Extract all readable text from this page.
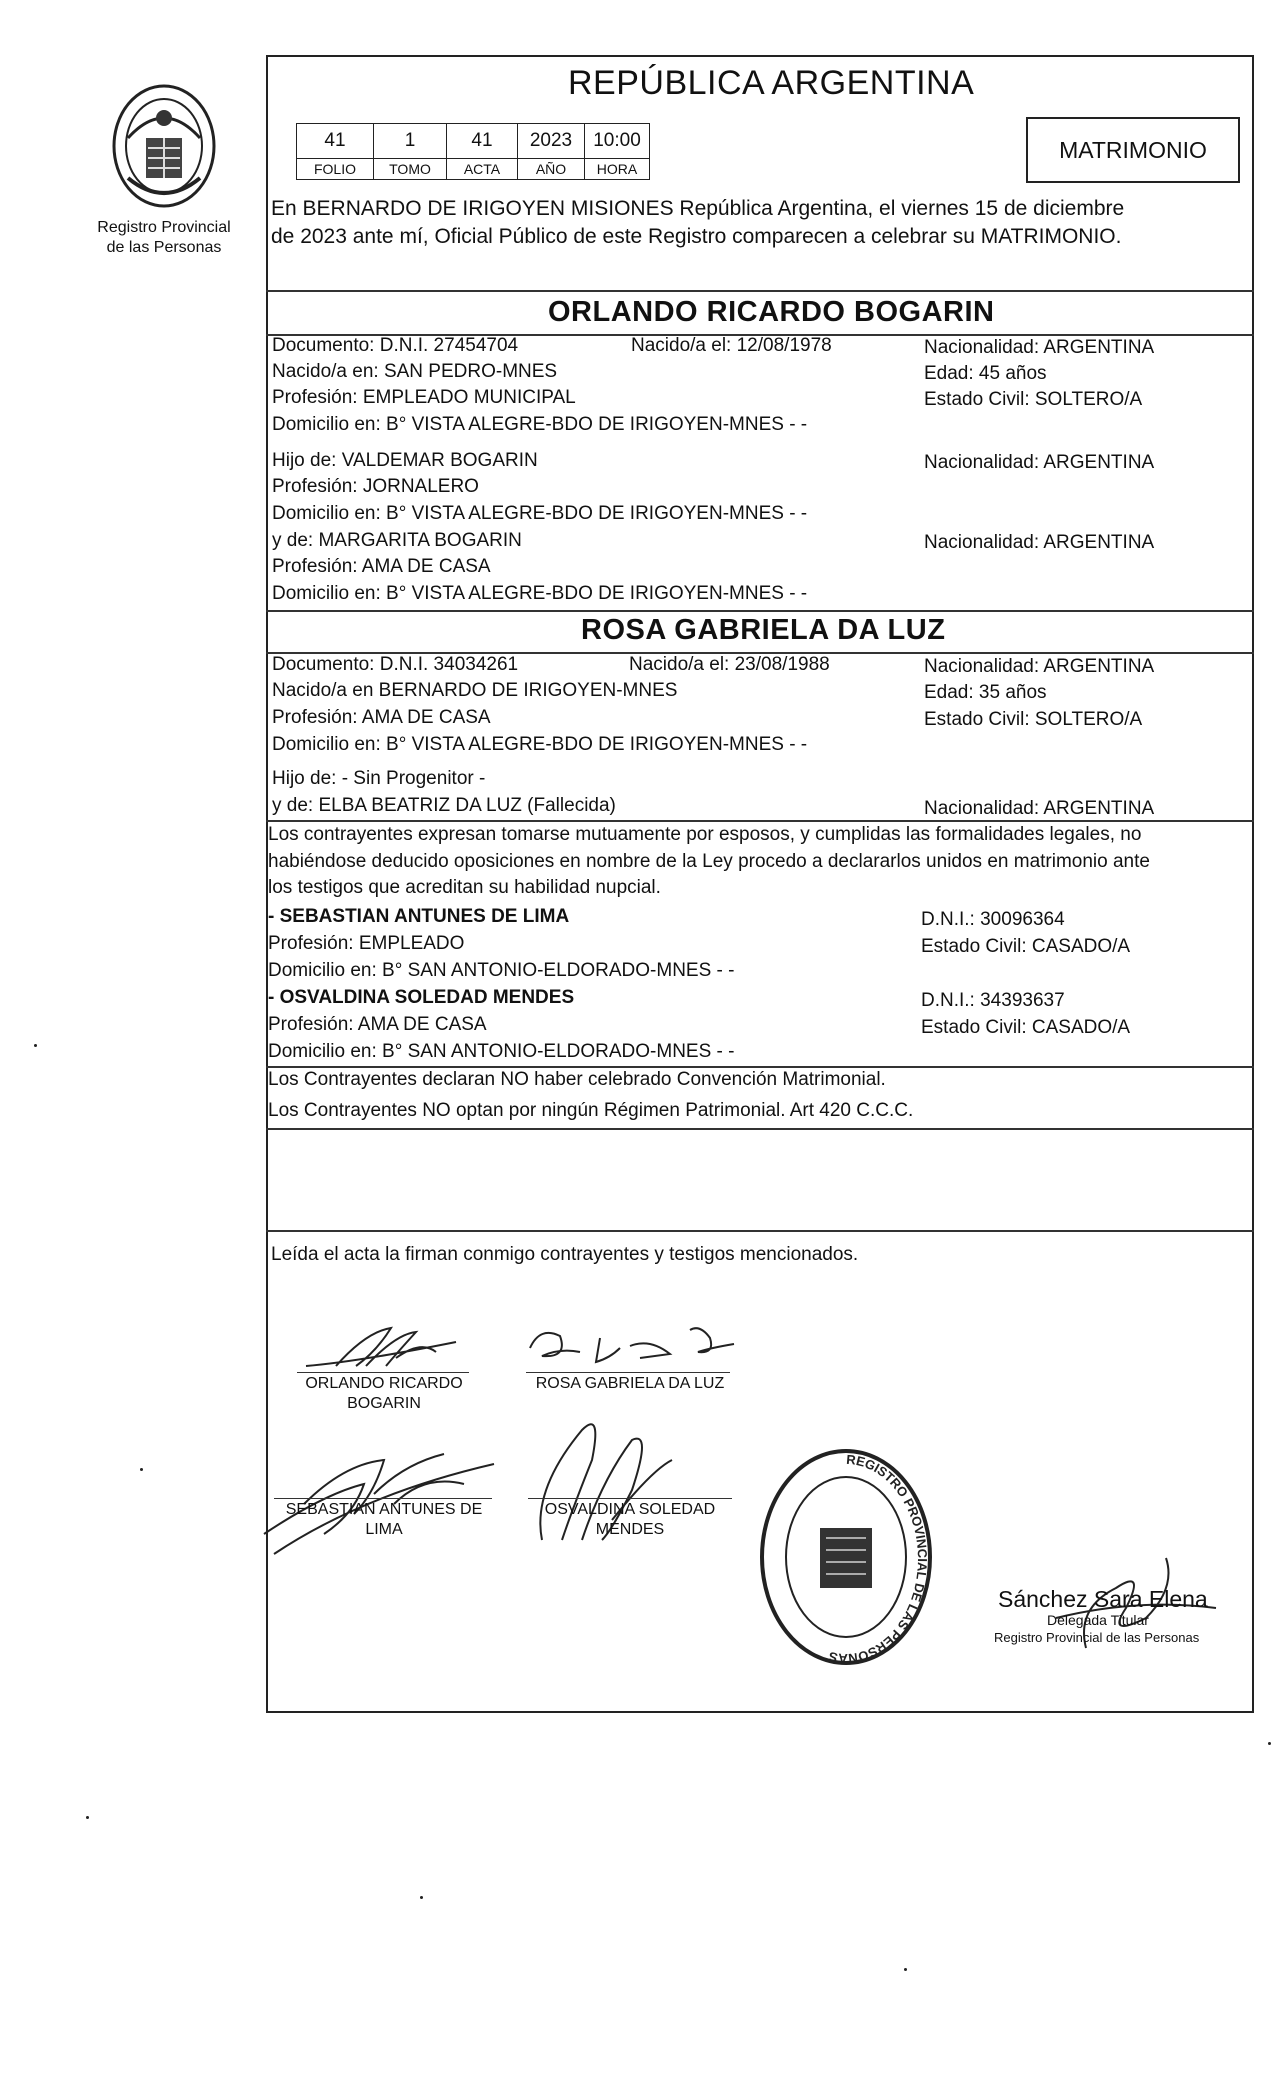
Registro Provincial
de las Personas
REPÚBLICA ARGENTINA
41	1	41	2023	10:00
FOLIO	TOMO	ACTA	AÑO	HORA
MATRIMONIO
En BERNARDO DE IRIGOYEN MISIONES República Argentina, el viernes 15 de diciembre
de 2023 ante mí, Oficial Público de este Registro comparecen a celebrar su MATRIMONIO.
ORLANDO RICARDO BOGARIN
Documento: D.N.I. 27454704	Nacido/a el: 12/08/1978	Nacionalidad: ARGENTINA
Nacido/a en: SAN PEDRO-MNES	Edad: 45 años
Profesión: EMPLEADO MUNICIPAL	Estado Civil: SOLTERO/A
Domicilio en: B° VISTA ALEGRE-BDO DE IRIGOYEN-MNES - -
Hijo de: VALDEMAR BOGARIN	Nacionalidad: ARGENTINA
Profesión: JORNALERO
Domicilio en: B° VISTA ALEGRE-BDO DE IRIGOYEN-MNES - -
y de: MARGARITA BOGARIN	Nacionalidad: ARGENTINA
Profesión: AMA DE CASA
Domicilio en: B° VISTA ALEGRE-BDO DE IRIGOYEN-MNES - -
ROSA GABRIELA DA LUZ
Documento: D.N.I. 34034261	Nacido/a el: 23/08/1988	Nacionalidad: ARGENTINA
Nacido/a en BERNARDO DE IRIGOYEN-MNES	Edad: 35 años
Profesión: AMA DE CASA	Estado Civil: SOLTERO/A
Domicilio en: B° VISTA ALEGRE-BDO DE IRIGOYEN-MNES - -
Hijo de: - Sin Progenitor -
y de: ELBA BEATRIZ DA LUZ (Fallecida)	Nacionalidad: ARGENTINA
Los contrayentes expresan tomarse mutuamente por esposos, y cumplidas las formalidades legales, no
habiéndose deducido oposiciones en nombre de la Ley procedo a declararlos unidos en matrimonio ante
los testigos que acreditan su habilidad nupcial.
- SEBASTIAN ANTUNES DE LIMA	D.N.I.: 30096364
Profesión: EMPLEADO	Estado Civil: CASADO/A
Domicilio en: B° SAN ANTONIO-ELDORADO-MNES - -
- OSVALDINA SOLEDAD MENDES	D.N.I.: 34393637
Profesión: AMA DE CASA	Estado Civil: CASADO/A
Domicilio en: B° SAN ANTONIO-ELDORADO-MNES - -
Los Contrayentes declaran NO haber celebrado Convención Matrimonial.
Los Contrayentes NO optan por ningún Régimen Patrimonial. Art 420 C.C.C.
Leída el acta la firman conmigo contrayentes y testigos mencionados.
ORLANDO RICARDO
BOGARIN
ROSA GABRIELA DA LUZ
SEBASTIAN ANTUNES DE
LIMA
OSVALDINA SOLEDAD
MENDES
REGISTRO PROVINCIAL DE LAS PERSONAS
Sánchez Sara Elena
Delegada Titular
Registro Provincial de las Personas
